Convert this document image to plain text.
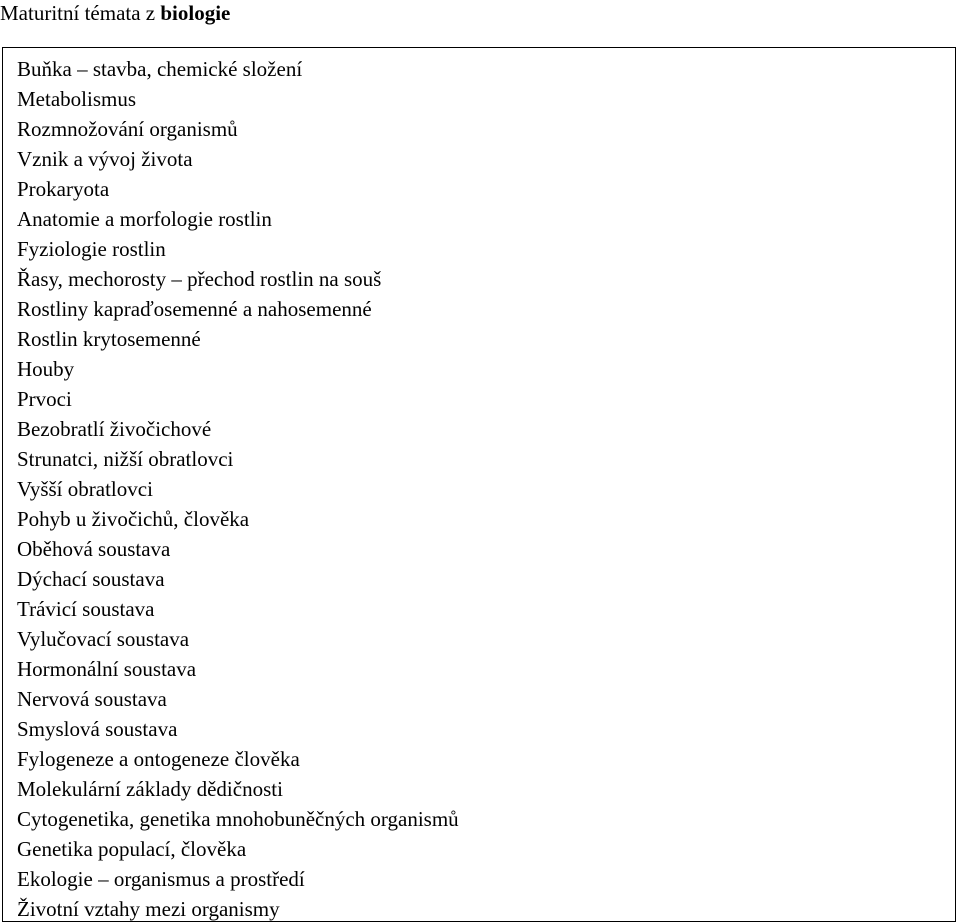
Maturitní témata z biologie
Buňka – stavba, chemické složení
Metabolismus
Rozmnožování organismů
Vznik a vývoj života
Prokaryota
Anatomie a morfologie rostlin
Fyziologie rostlin
Řasy, mechorosty – přechod rostlin na souš
Rostliny kapraďosemenné a nahosemenné
Rostlin krytosemenné
Houby
Prvoci
Bezobratlí živočichové
Strunatci, nižší obratlovci
Vyšší obratlovci
Pohyb u živočichů, člověka
Oběhová soustava
Dýchací soustava
Trávicí soustava
Vylučovací soustava
Hormonální soustava
Nervová soustava
Smyslová soustava
Fylogeneze a ontogeneze člověka
Molekulární základy dědičnosti
Cytogenetika, genetika mnohobuněčných organismů
Genetika populací, člověka
Ekologie – organismus a prostředí
Životní vztahy mezi organismy
